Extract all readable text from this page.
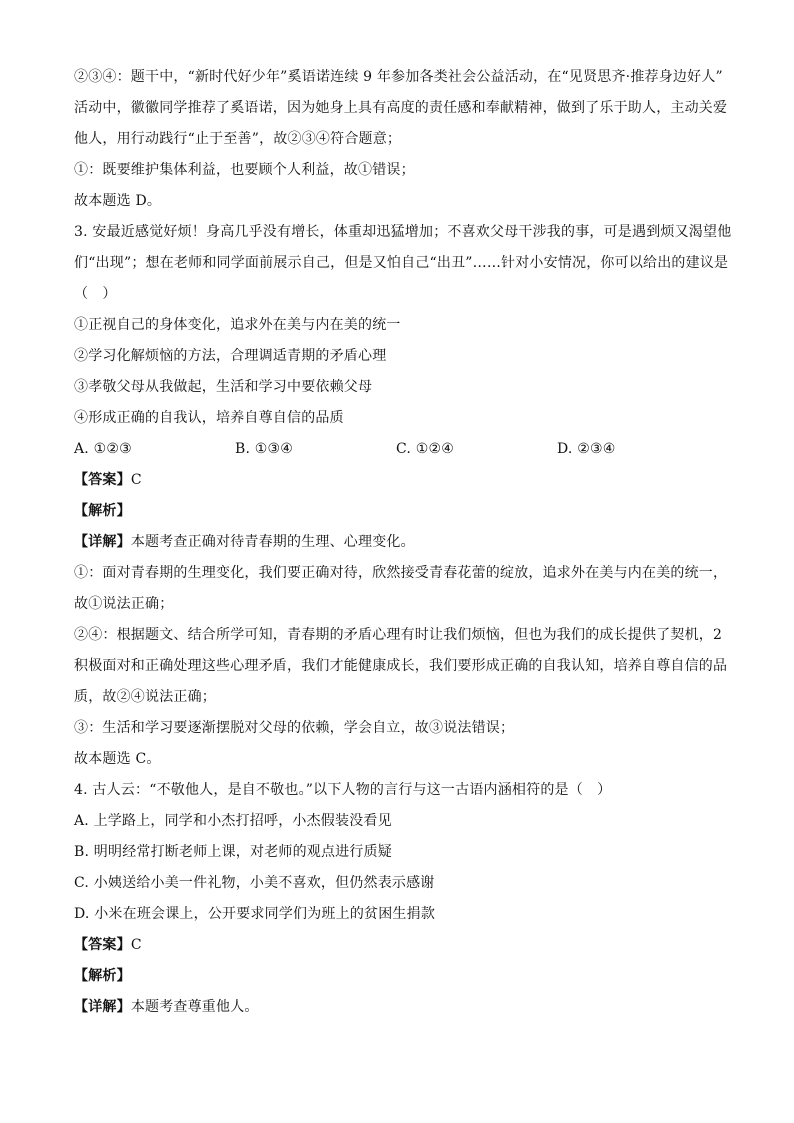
②③④：题干中，“新时代好少年”奚语诺连续 9 年参加各类社会公益活动，在“见贤思齐·推荐身边好人”
活动中，徽徽同学推荐了奚语诺，因为她身上具有高度的责任感和奉献精神，做到了乐于助人，主动关爱
他人，用行动践行“止于至善”，故②③④符合题意；
①：既要维护集体利益，也要顾个人利益，故①错误；
故本题选 D。
3. 安最近感觉好烦！身高几乎没有增长，体重却迅猛增加；不喜欢父母干涉我的事，可是遇到烦又渴望他
们“出现”；想在老师和同学面前展示自己，但是又怕自己“出丑”……针对小安情况，你可以给出的建议是
（　）
①正视自己的身体变化，追求外在美与内在美的统一
②学习化解烦恼的方法，合理调适青期的矛盾心理
③孝敬父母从我做起，生活和学习中要依赖父母
④形成正确的自我认，培养自尊自信的品质
A. ①②③	B. ①③④	C. ①②④	D. ②③④
【答案】C
【解析】
【详解】本题考查正确对待青春期的生理、心理变化。
①：面对青春期的生理变化，我们要正确对待，欣然接受青春花蕾的绽放，追求外在美与内在美的统一，
故①说法正确；
②④：根据题文、结合所学可知，青春期的矛盾心理有时让我们烦恼，但也为我们的成长提供了契机，2
积极面对和正确处理这些心理矛盾，我们才能健康成长，我们要形成正确的自我认知，培养自尊自信的品
质，故②④说法正确；
③：生活和学习要逐渐摆脱对父母的依赖，学会自立，故③说法错误；
故本题选 C。
4. 古人云：“不敬他人，是自不敬也。”以下人物的言行与这一古语内涵相符的是（　）
A. 上学路上，同学和小杰打招呼，小杰假装没看见
B. 明明经常打断老师上课，对老师的观点进行质疑
C. 小姨送给小美一件礼物，小美不喜欢，但仍然表示感谢
D. 小米在班会课上，公开要求同学们为班上的贫困生捐款
【答案】C
【解析】
【详解】本题考查尊重他人。
